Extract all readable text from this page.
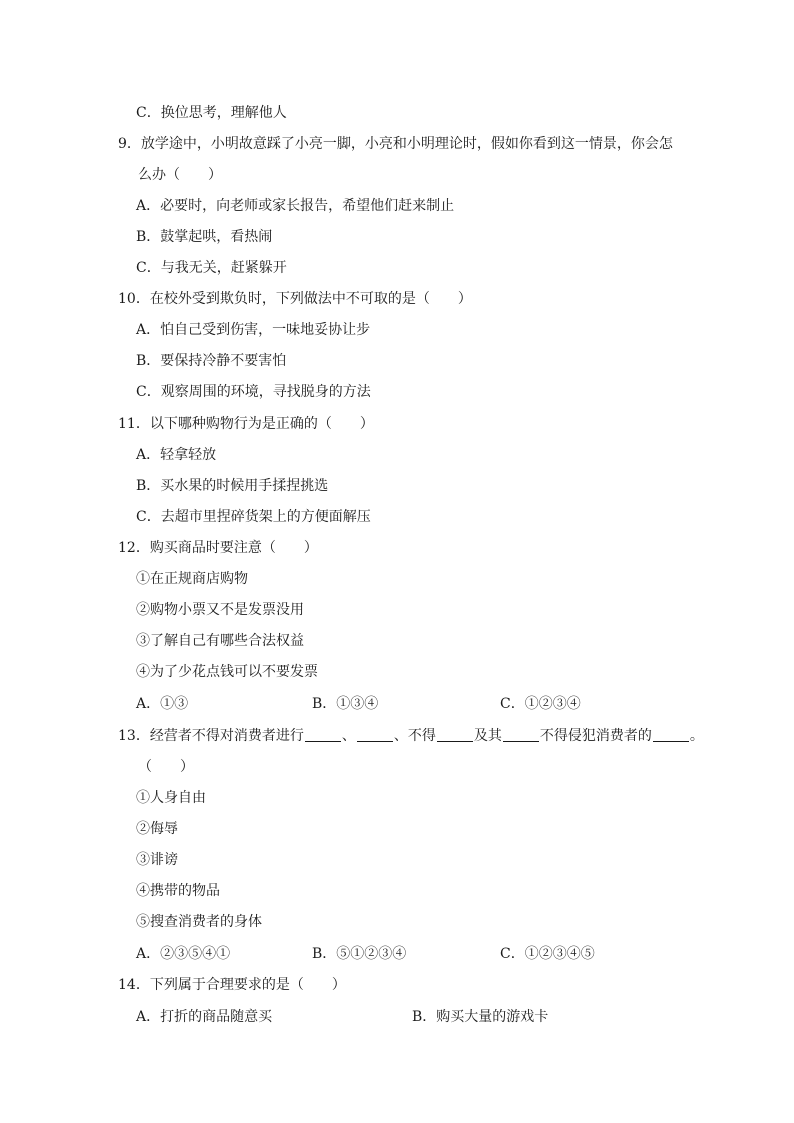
C．换位思考，理解他人
9．放学途中，小明故意踩了小亮一脚，小亮和小明理论时，假如你看到这一情景，你会怎
么办（　　）
A．必要时，向老师或家长报告，希望他们赶来制止
B．鼓掌起哄，看热闹
C．与我无关，赶紧躲开
10．在校外受到欺负时，下列做法中不可取的是（　　）
A．怕自己受到伤害，一味地妥协让步
B．要保持冷静不要害怕
C．观察周围的环境，寻找脱身的方法
11．以下哪种购物行为是正确的（　　）
A．轻拿轻放
B．买水果的时候用手揉捏挑选
C．去超市里捏碎货架上的方便面解压
12．购买商品时要注意（　　）
①在正规商店购物
②购物小票又不是发票没用
③了解自己有哪些合法权益
④为了少花点钱可以不要发票
A．①③	B．①③④	C．①②③④
13．经营者不得对消费者进行	、	、不得	及其	不得侵犯消费者的	。
（　　）
①人身自由
②侮辱
③诽谤
④携带的物品
⑤搜查消费者的身体
A．②③⑤④①	B．⑤①②③④	C．①②③④⑤
14．下列属于合理要求的是（　　）
A．打折的商品随意买	B．购买大量的游戏卡
